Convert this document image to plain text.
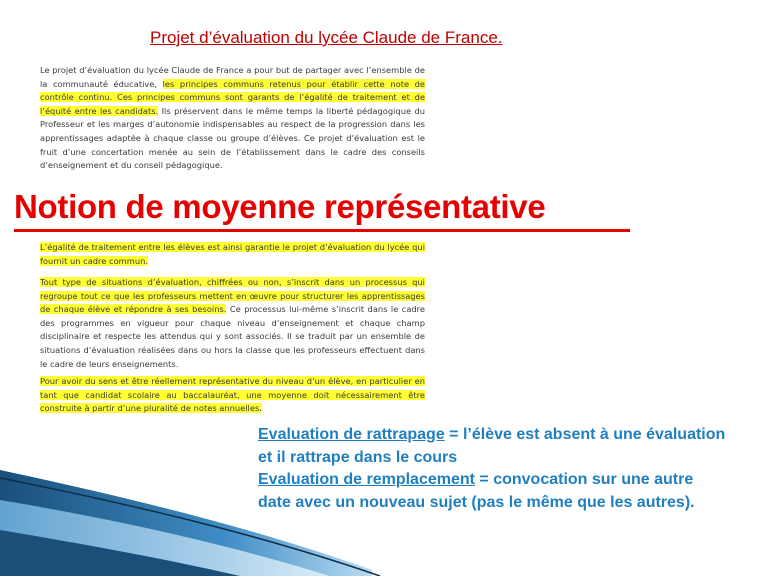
Projet d’évaluation du lycée Claude de France.

Le projet d’évaluation du lycée Claude de France a pour but de partager avec l’ensemble de la communauté éducative, les principes communs retenus pour établir cette note de contrôle continu. Ces principes communs sont garants de l’égalité de traitement et de l’équité entre les candidats. Ils préservent dans le même temps la liberté pédagogique du Professeur et les marges d’autonomie indispensables au respect de la progression dans les apprentissages adaptée à chaque classe ou groupe d’élèves. Ce projet d’évaluation est le fruit d’une concertation menée au sein de l’établissement dans le cadre des conseils d’enseignement et du conseil pédagogique.

Notion de moyenne représentative

L’égalité de traitement entre les élèves est ainsi garantie le projet d’évaluation du lycée qui fournit un cadre commun.

Tout type de situations d’évaluation, chiffrées ou non, s’inscrit dans un processus qui regroupe tout ce que les professeurs mettent en œuvre pour structurer les apprentissages de chaque élève et répondre à ses besoins. Ce processus lui-même s’inscrit dans le cadre des programmes en vigueur pour chaque niveau d’enseignement et chaque champ disciplinaire et respecte les attendus qui y sont associés. Il se traduit par un ensemble de situations d’évaluation réalisées dans ou hors la classe que les professeurs effectuent dans le cadre de leurs enseignements.

Pour avoir du sens et être réellement représentative du niveau d’un élève, en particulier en tant que candidat scolaire au baccalauréat, une moyenne doit nécessairement être construite à partir d’une pluralité de notes annuelles.

Evaluation de rattrapage = l’élève est absent à une évaluation et il rattrape dans le cours

Evaluation de remplacement = convocation sur une autre date avec un nouveau sujet (pas le même que les autres).
